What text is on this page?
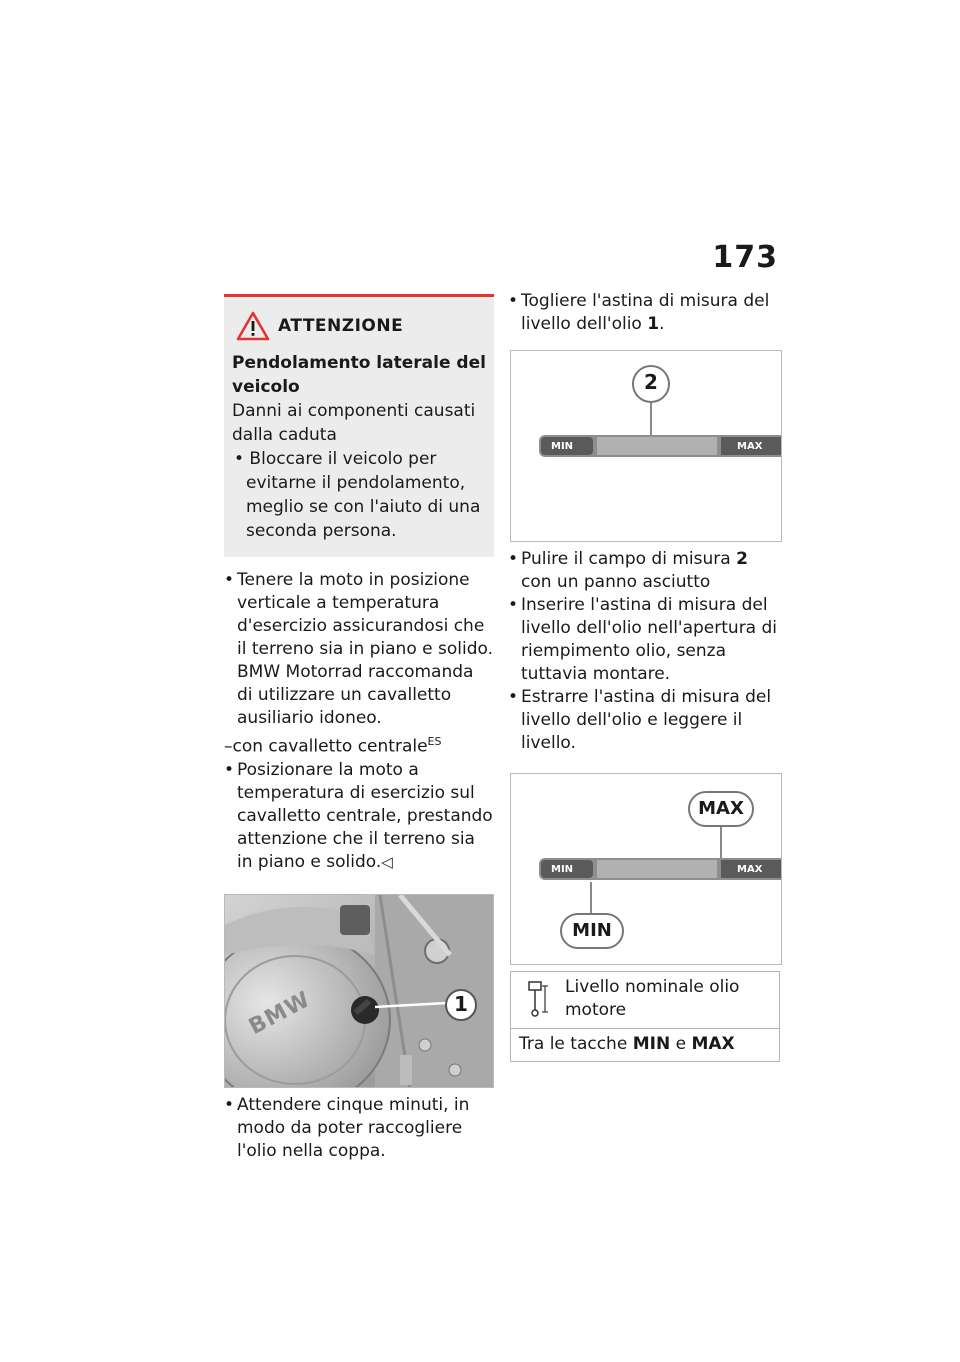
173
ATTENZIONE
Pendolamento laterale del veicolo
Danni ai componenti causati dalla caduta
• Bloccare il veicolo per evitarne il pendolamento, meglio se con l'aiuto di una seconda persona.
• Tenere la moto in posizione verticale a temperatura d'esercizio assicurandosi che il terreno sia in piano e solido. BMW Motorrad raccomanda di utilizzare un cavalletto ausiliario idoneo.
–con cavalletto centrale$^{ES}$
• Posizionare la moto a temperatura di esercizio sul cavalletto centrale, prestando attenzione che il terreno sia in piano e solido.◁
BMW	1
• Attendere cinque minuti, in modo da poter raccogliere l'olio nella coppa.
• Togliere l'astina di misura del livello dell'olio 1.
2
MIN	MAX
• Pulire il campo di misura 2 con un panno asciutto
• Inserire l'astina di misura del livello dell'olio nell'apertura di riempimento olio, senza tuttavia montare.
• Estrarre l'astina di misura del livello dell'olio e leggere il livello.
MAX
MIN
MIN	MAX
Livello nominale olio motore
Tra le tacche MIN e MAX
